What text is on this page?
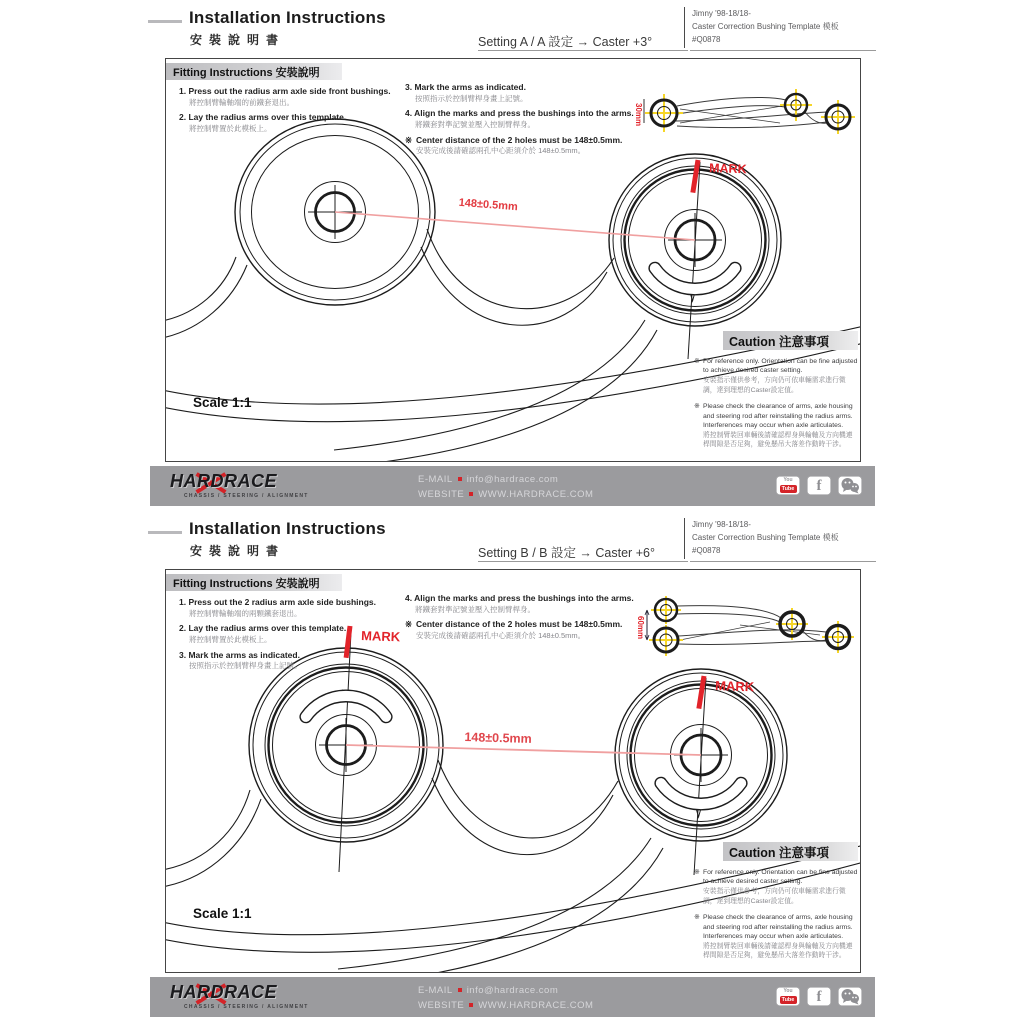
Installation Instructions
安裝說明書	Setting A / A 設定 → Caster +3°
Jimny '98-18/18-
Caster Correction Bushing Template 模板
#Q0878
148±0.5mm
MARK
Fitting Instructions 安裝說明
1. Press out the radius arm axle side front bushings.
將控制臂輪軸端的前鐵套退出。
2. Lay the radius arms over this template.
將控制臂置於此模板上。
3. Mark the arms as indicated.
按照指示於控制臂桿身畫上記號。
4. Align the marks and press the bushings into the arms.
將鐵套對準記號並壓入控制臂桿身。
※ Center distance of the 2 holes must be 148±0.5mm.
安裝完成後請確認兩孔中心距須介於 148±0.5mm。
30mm
Caution 注意事項
※ For reference only. Orientation can be fine adjusted to achieve desired caster setting.
安裝指示僅供參考，方向仍可依車輛需求進行微調，達到理想的Caster設定值。
※ Please check the clearance of arms, axle housing and steering rod after reinstalling the radius arms. Interferences may occur when axle articulates.
將控制臂裝回車輛後請確認桿身與輪軸及方向機連桿間隙是否足夠，避免懸吊大落差作動時干涉。
Scale 1:1
HARDRACE
CHASSIS / STEERING / ALIGNMENT
E-MAIL info@hardrace.com
WEBSITE WWW.HARDRACE.COM
You
Tube	f
Installation Instructions
安裝說明書	Setting B / B 設定 → Caster +6°
Jimny '98-18/18-
Caster Correction Bushing Template 模板
#Q0878
148±0.5mm
MARK
MARK
Fitting Instructions 安裝說明
1. Press out the 2 radius arm axle side bushings.
將控制臂輪軸端的兩顆鐵套退出。
2. Lay the radius arms over this template.
將控制臂置於此模板上。
3. Mark the arms as indicated.
按照指示於控制臂桿身畫上記號。
4. Align the marks and press the bushings into the arms.
將鐵套對準記號並壓入控制臂桿身。
※ Center distance of the 2 holes must be 148±0.5mm.
安裝完成後請確認兩孔中心距須介於 148±0.5mm。	60mm
Caution 注意事項
※ For reference only. Orientation can be fine adjusted to achieve desired caster setting.
安裝指示僅供參考，方向仍可依車輛需求進行微調，達到理想的Caster設定值。
※ Please check the clearance of arms, axle housing and steering rod after reinstalling the radius arms. Interferences may occur when axle articulates.
將控制臂裝回車輛後請確認桿身與輪軸及方向機連桿間隙是否足夠，避免懸吊大落差作動時干涉。
Scale 1:1
HARDRACE
CHASSIS / STEERING / ALIGNMENT
E-MAIL info@hardrace.com
WEBSITE WWW.HARDRACE.COM
You
Tube	f
